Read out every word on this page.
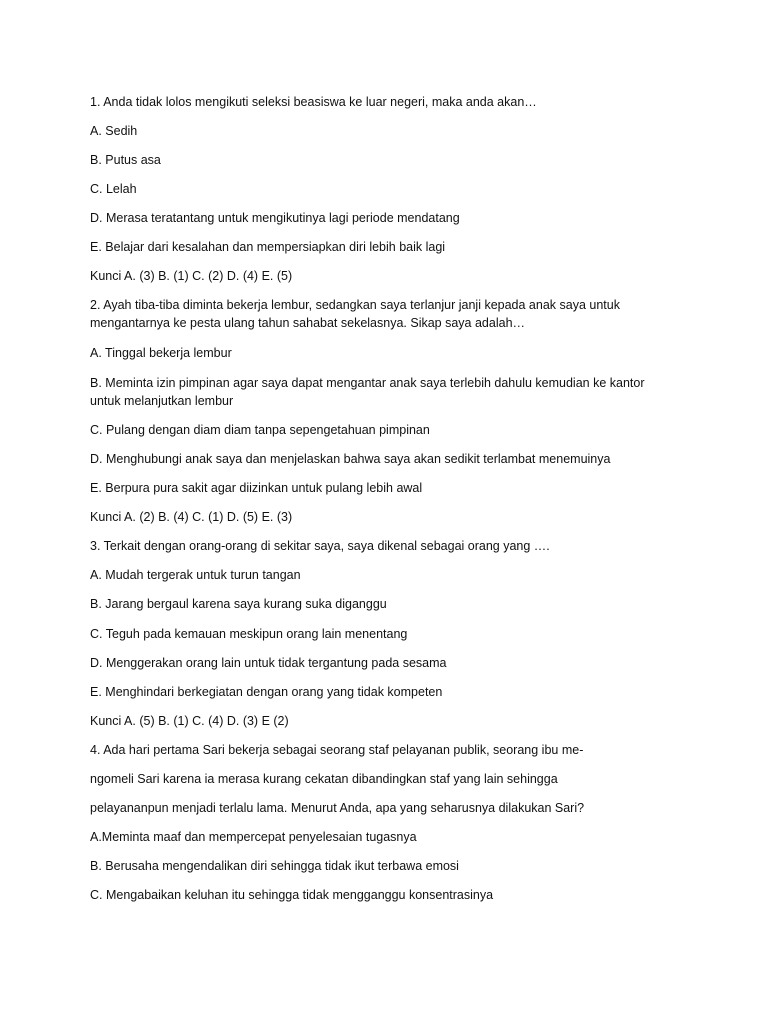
1. Anda tidak lolos mengikuti seleksi beasiswa ke luar negeri, maka anda akan…
A. Sedih
B. Putus asa
C. Lelah
D. Merasa teratantang untuk mengikutinya lagi periode mendatang
E. Belajar dari kesalahan dan mempersiapkan diri lebih baik lagi
Kunci A. (3) B. (1) C. (2) D. (4) E. (5)
2. Ayah tiba-tiba diminta bekerja lembur, sedangkan saya terlanjur janji kepada anak saya untuk
mengantarnya ke pesta ulang tahun sahabat sekelasnya. Sikap saya adalah…
A. Tinggal bekerja lembur
B. Meminta izin pimpinan agar saya dapat mengantar anak saya terlebih dahulu kemudian ke kantor
untuk melanjutkan lembur
C. Pulang dengan diam diam tanpa sepengetahuan pimpinan
D. Menghubungi anak saya dan menjelaskan bahwa saya akan sedikit terlambat menemuinya
E. Berpura pura sakit agar diizinkan untuk pulang lebih awal
Kunci A. (2) B. (4) C. (1) D. (5) E. (3)
3. Terkait dengan orang-orang di sekitar saya, saya dikenal sebagai orang yang ….
A. Mudah tergerak untuk turun tangan
B. Jarang bergaul karena saya kurang suka diganggu
C. Teguh pada kemauan meskipun orang lain menentang
D. Menggerakan orang lain untuk tidak tergantung pada sesama
E. Menghindari berkegiatan dengan orang yang tidak kompeten
Kunci A. (5) B. (1) C. (4) D. (3) E (2)
4. Ada hari pertama Sari bekerja sebagai seorang staf pelayanan publik, seorang ibu me-
ngomeli Sari karena ia merasa kurang cekatan dibandingkan staf yang lain sehingga
pelayananpun menjadi terlalu lama. Menurut Anda, apa yang seharusnya dilakukan Sari?
A.Meminta maaf dan mempercepat penyelesaian tugasnya
B. Berusaha mengendalikan diri sehingga tidak ikut terbawa emosi
C. Mengabaikan keluhan itu sehingga tidak mengganggu konsentrasinya
